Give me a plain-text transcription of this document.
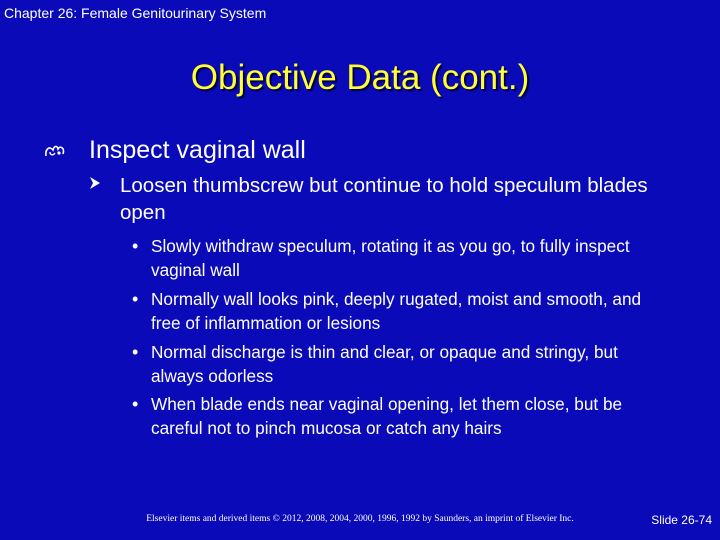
Chapter 26: Female Genitourinary System
Objective Data (cont.)
Inspect vaginal wall
Loosen thumbscrew but continue to hold speculum blades open
• Slowly withdraw speculum, rotating it as you go, to fully inspect vaginal wall
• Normally wall looks pink, deeply rugated, moist and smooth, and free of inflammation or lesions
• Normal discharge is thin and clear, or opaque and stringy, but always odorless
• When blade ends near vaginal opening, let them close, but be careful not to pinch mucosa or catch any hairs
Elsevier items and derived items © 2012, 2008, 2004, 2000, 1996, 1992 by Saunders, an imprint of Elsevier Inc.	Slide 26-74
